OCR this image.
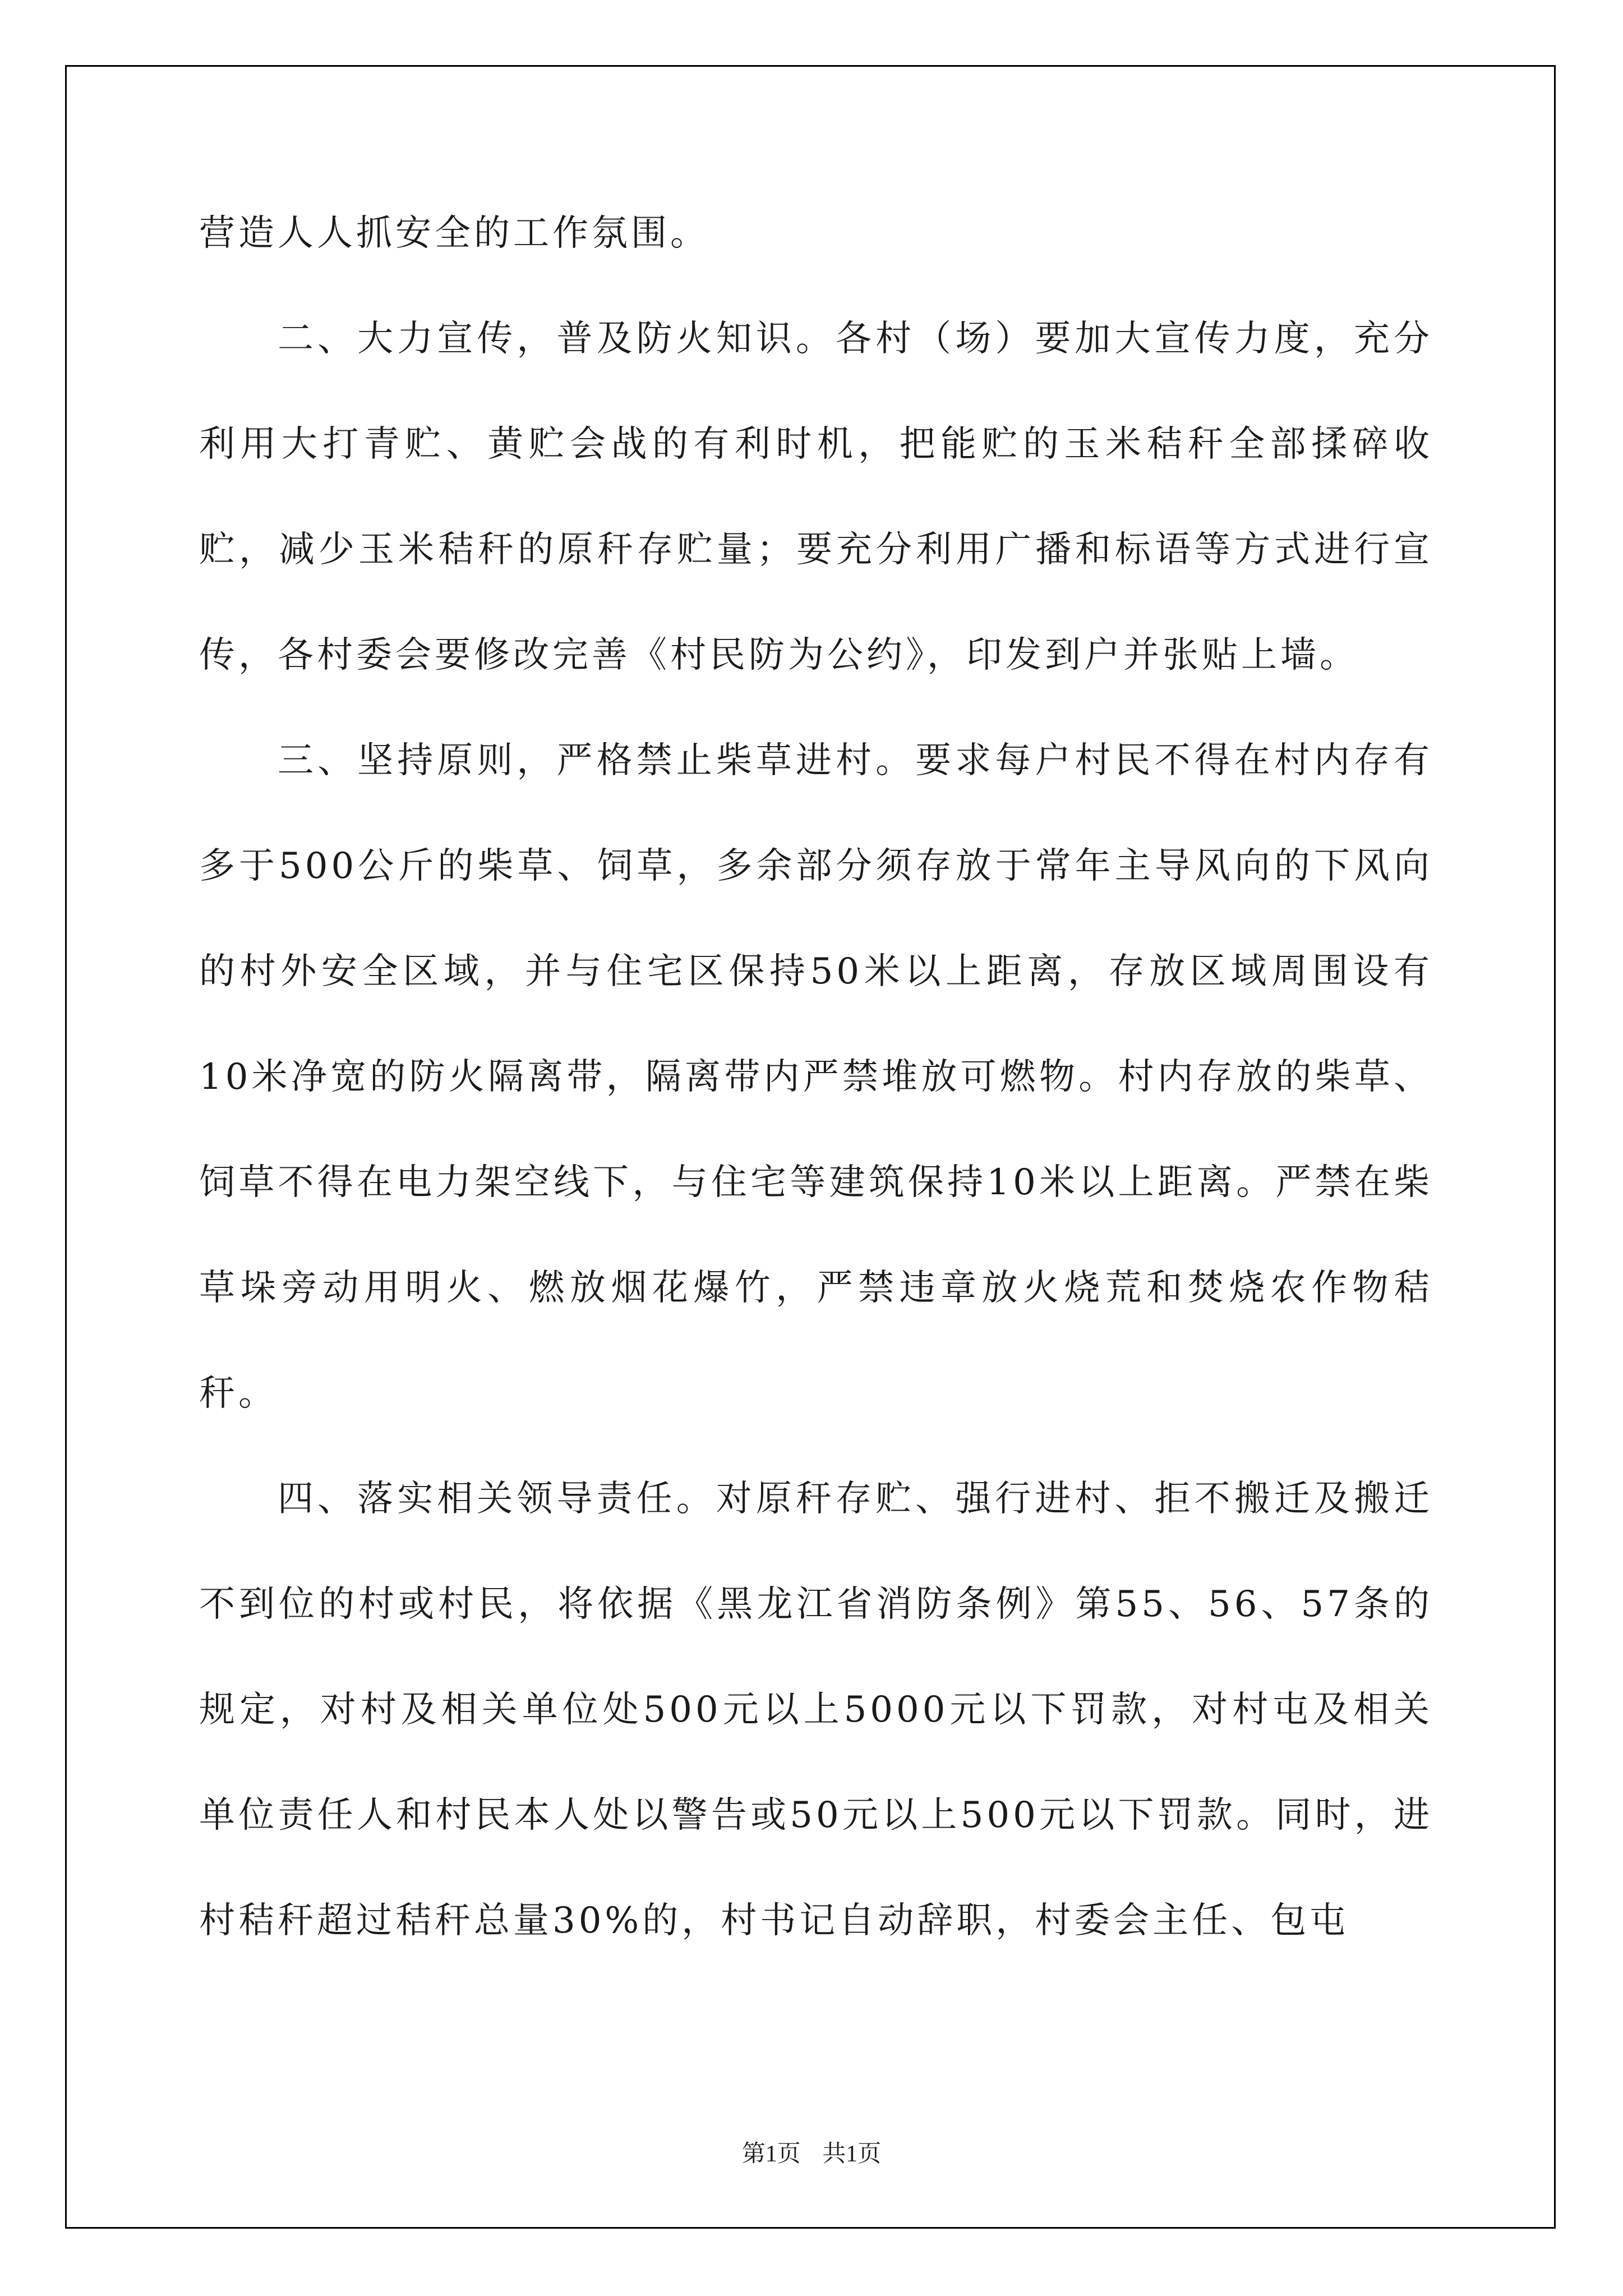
营造人人抓安全的工作氛围。

二、大力宣传，普及防火知识。各村（场）要加大宣传力度，充分利用大打青贮、黄贮会战的有利时机，把能贮的玉米秸秆全部揉碎收贮，减少玉米秸秆的原秆存贮量；要充分利用广播和标语等方式进行宣传，各村委会要修改完善《村民防为公约》，印发到户并张贴上墙。

三、坚持原则，严格禁止柴草进村。要求每户村民不得在村内存有多于500公斤的柴草、饲草，多余部分须存放于常年主导风向的下风向的村外安全区域，并与住宅区保持50米以上距离，存放区域周围设有10米净宽的防火隔离带，隔离带内严禁堆放可燃物。村内存放的柴草、饲草不得在电力架空线下，与住宅等建筑保持10米以上距离。严禁在柴草垛旁动用明火、燃放烟花爆竹，严禁违章放火烧荒和焚烧农作物秸秆。

四、落实相关领导责任。对原秆存贮、强行进村、拒不搬迁及搬迁不到位的村或村民，将依据《黑龙江省消防条例》第55、56、57条的规定，对村及相关单位处500元以上5000元以下罚款，对村屯及相关单位责任人和村民本人处以警告或50元以上500元以下罚款。同时，进村秸秆超过秸秆总量30%的，村书记自动辞职，村委会主任、包屯

第1页 共1页
